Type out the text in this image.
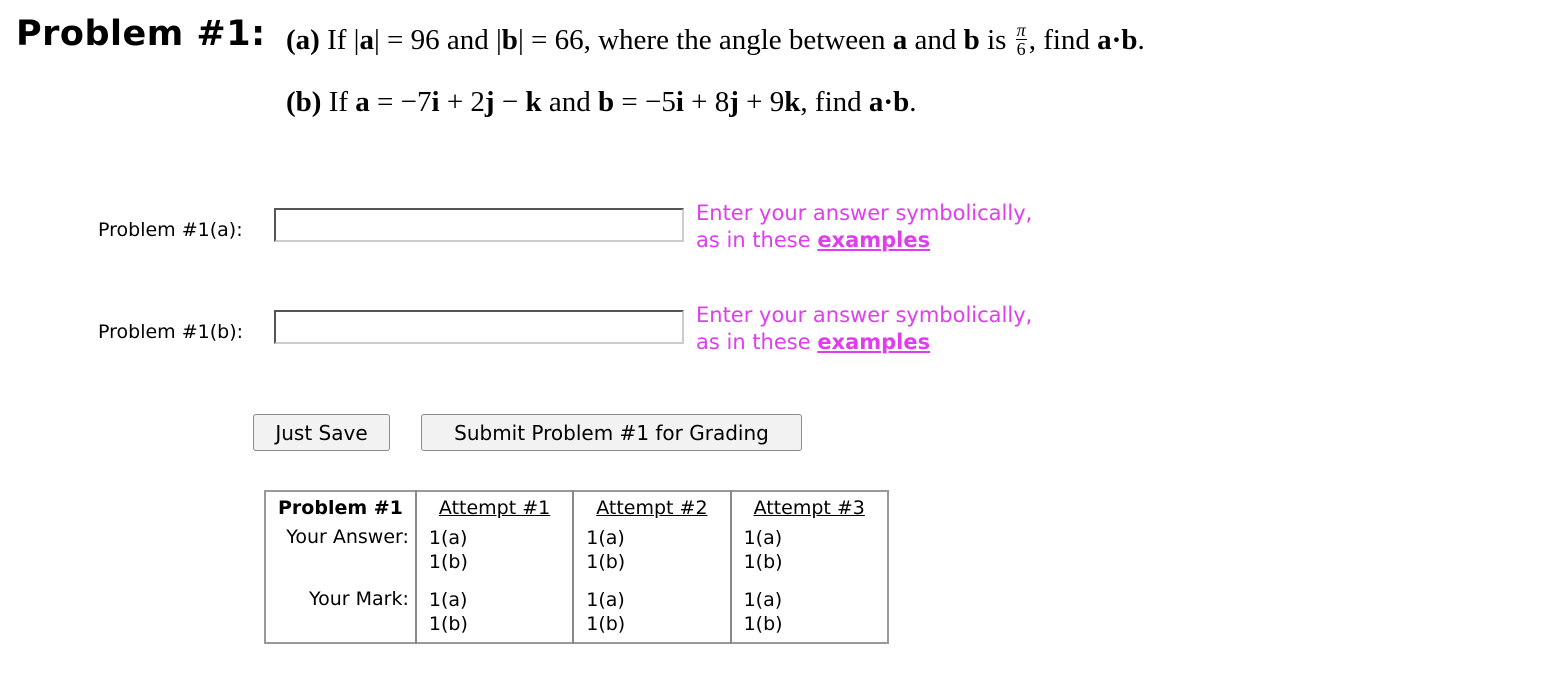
Problem #1: (a) If |a| = 96 and |b| = 66, where the angle between a and b is $\frac{\pi}{6}$ , find a·b.
(b) If a = −7i + 2j − k and b = −5i + 8j + 9k, find a·b.
Problem #1(a):
Enter your answer symbolically,
as in these examples
Problem #1(b):
Enter your answer symbolically,
as in these examples
Just Save	Submit Problem #1 for Grading
Problem #1	Attempt #1	Attempt #2	Attempt #3
Your Answer:	1(a)
1(b)	1(a)
1(b)	1(a)
1(b)

Your Mark:	1(a)
1(b)	1(a)
1(b)	1(a)
1(b)
